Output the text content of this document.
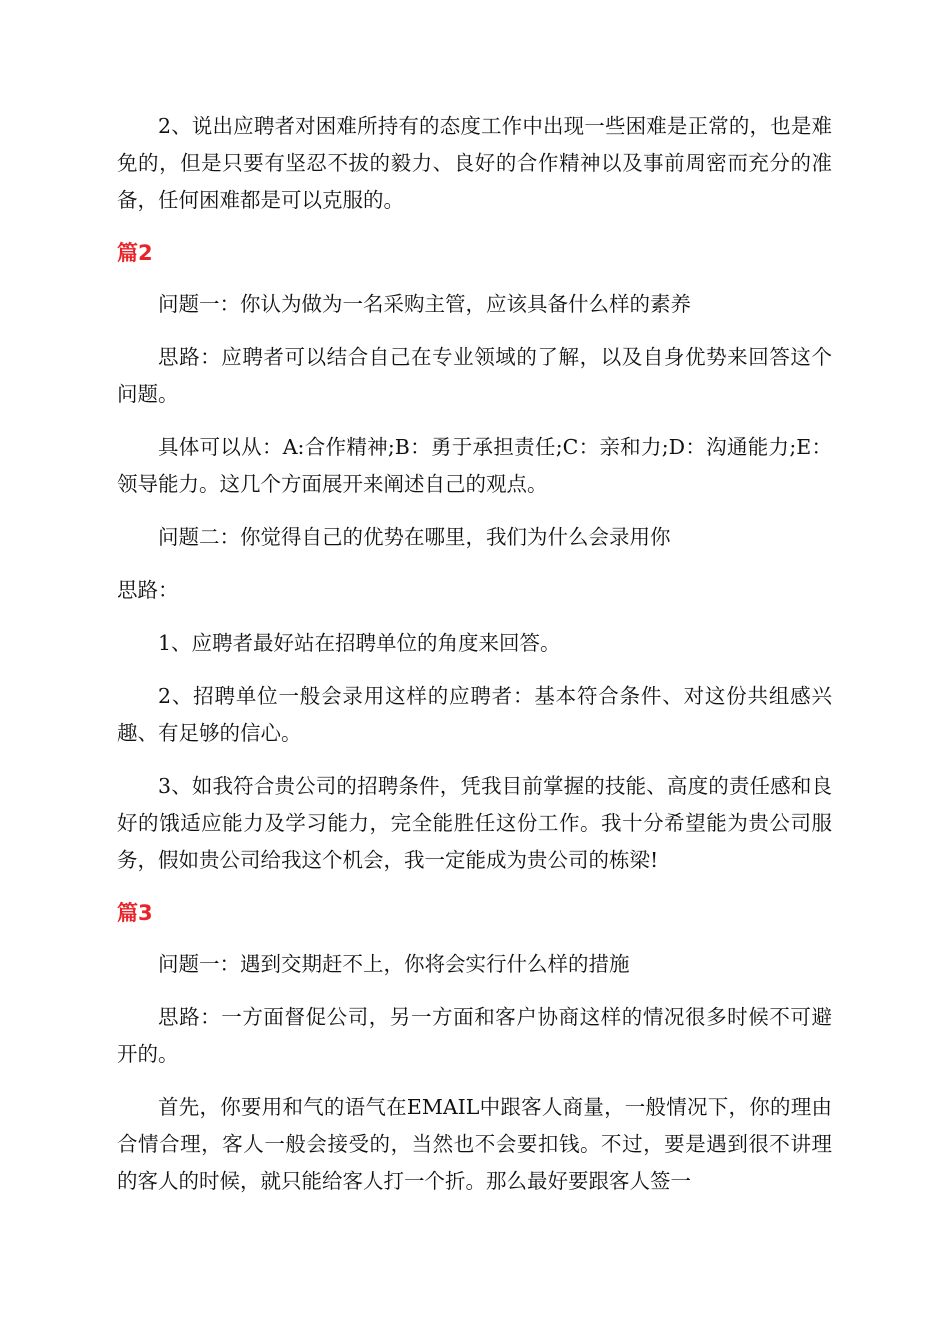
2、说出应聘者对困难所持有的态度工作中出现一些困难是正常的，也是难免的，但是只要有坚忍不拔的毅力、良好的合作精神以及事前周密而充分的准备，任何困难都是可以克服的。

篇2

问题一：你认为做为一名采购主管，应该具备什么样的素养

思路：应聘者可以结合自己在专业领域的了解，以及自身优势来回答这个问题。

具体可以从：A:合作精神;B：勇于承担责任;C：亲和力;D：沟通能力;E：领导能力。这几个方面展开来阐述自己的观点。

问题二：你觉得自己的优势在哪里，我们为什么会录用你

思路：

1、应聘者最好站在招聘单位的角度来回答。

2、招聘单位一般会录用这样的应聘者：基本符合条件、对这份共组感兴趣、有足够的信心。

3、如我符合贵公司的招聘条件，凭我目前掌握的技能、高度的责任感和良好的饿适应能力及学习能力，完全能胜任这份工作。我十分希望能为贵公司服务，假如贵公司给我这个机会，我一定能成为贵公司的栋梁!

篇3

问题一：遇到交期赶不上，你将会实行什么样的措施

思路：一方面督促公司，另一方面和客户协商这样的情况很多时候不可避开的。

首先，你要用和气的语气在EMAIL中跟客人商量，一般情况下，你的理由合情合理，客人一般会接受的，当然也不会要扣钱。不过，要是遇到很不讲理的客人的时候，就只能给客人打一个折。那么最好要跟客人签一
